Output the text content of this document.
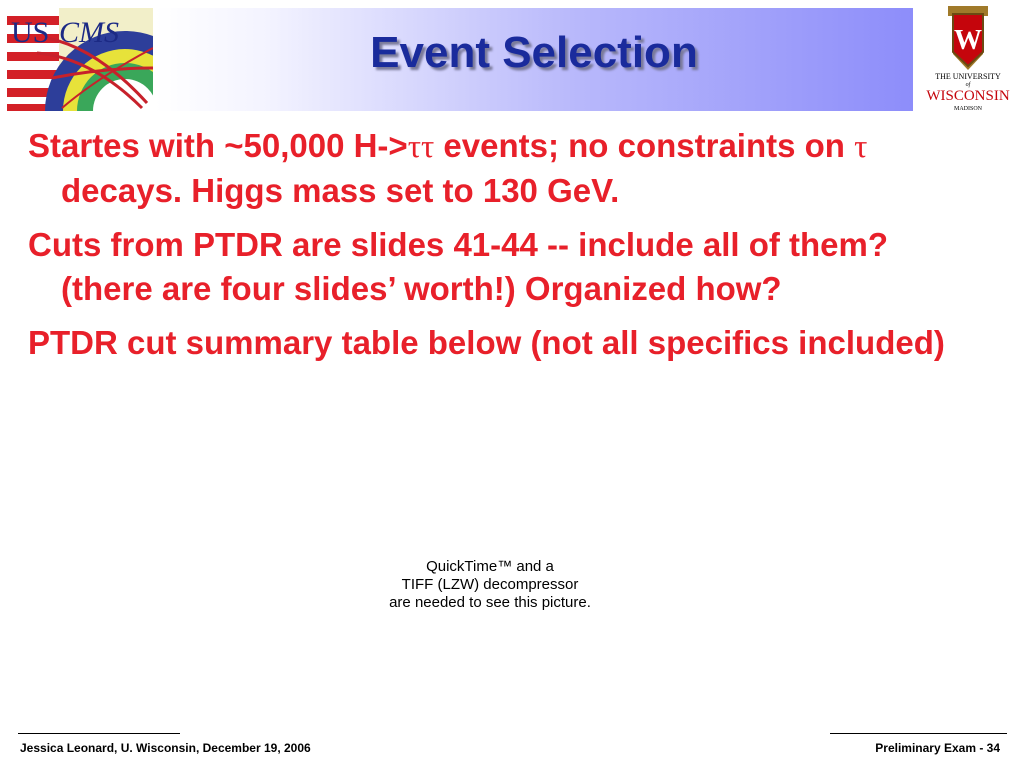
Event Selection
US CMS	W
THE UNIVERSITY
of
WISCONSIN
MADISON
Startes with ~50,000 H->ττ events; no constraints on τ decays. Higgs mass set to 130 GeV.
Cuts from PTDR are slides 41-44 -- include all of them? (there are four slides’ worth!) Organized how?
PTDR cut summary table below (not all specifics included)
QuickTime™ and a
TIFF (LZW) decompressor
are needed to see this picture.
Jessica Leonard, U. Wisconsin, December 19, 2006	Preliminary Exam - 34
